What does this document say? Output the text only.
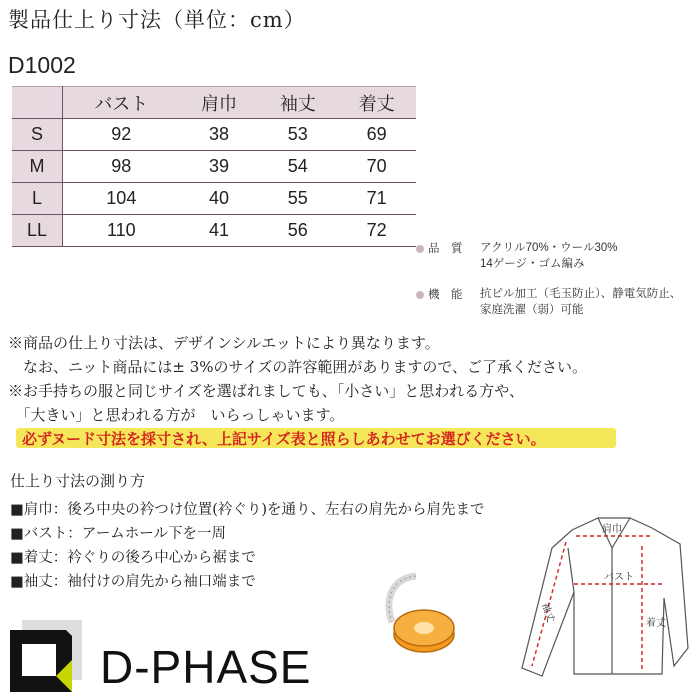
製品仕上り寸法（単位：cm）
D1002
	バスト	肩巾	袖丈	着丈
S	92	38	53	69
M	98	39	54	70
L	104	40	55	71
LL	110	41	56	72
品　質 アクリル70%・ウール30%
14ゲージ・ゴム編み
機　能 抗ピル加工（毛玉防止）、静電気防止、
家庭洗濯（弱）可能
※商品の仕上り寸法は、デザインシルエットにより異なります。
　なお、ニット商品には± 3%のサイズの許容範囲がありますので、ご了承ください。
※お手持ちの服と同じサイズを選ばれましても、「小さい」と思われる方や、
　「大きい」と思われる方が　いらっしゃいます。
必ずヌード寸法を採寸され、上記サイズ表と照らしあわせてお選びください。
仕上り寸法の測り方
■肩巾：後ろ中央の衿つけ位置(衿ぐり)を通り、左右の肩先から肩先まで
■バスト：アームホール下を一周
■着丈：衿ぐりの後ろ中心から裾まで
■袖丈：袖付けの肩先から袖口端まで
肩巾
バスト
着丈
袖丈
D-PHASE
